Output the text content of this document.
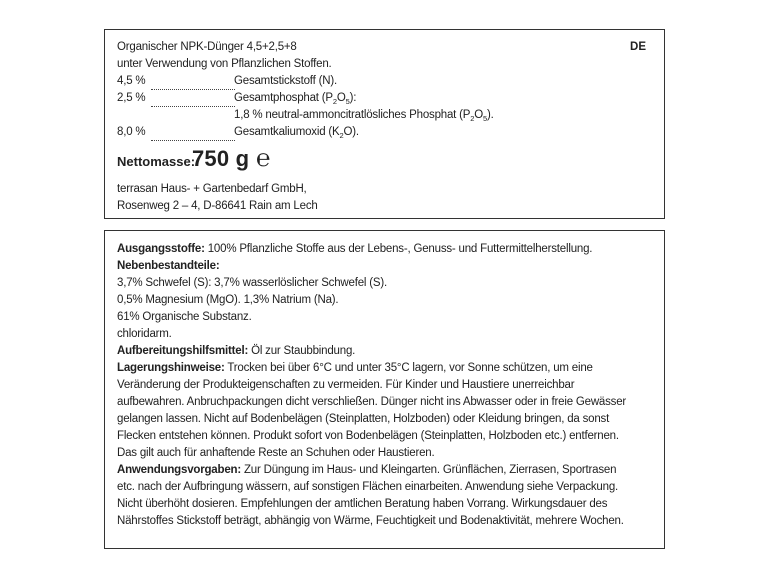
Organischer NPK-Dünger 4,5+2,5+8	DE
unter Verwendung von Pflanzlichen Stoffen.
4,5 %	Gesamtstickstoff (N).
2,5 %	Gesamtphosphat $(P_2O_5)$:
1,8 % neutral-ammoncitratlösliches Phosphat $(P_2O_5)$.
8,0 %	Gesamtkaliumoxid $(K_2O)$.
Nettomasse:
750 g ℮
terrasan Haus- + Gartenbedarf GmbH,
Rosenweg 2 – 4, D-86641 Rain am Lech
Ausgangsstoffe: 100% Pflanzliche Stoffe aus der Lebens-, Genuss- und Futtermittelherstellung.
Nebenbestandteile:
3,7% Schwefel (S): 3,7% wasserlöslicher Schwefel (S).
0,5% Magnesium (MgO). 1,3% Natrium (Na).
61% Organische Substanz.
chloridarm.
Aufbereitungshilfsmittel: Öl zur Staubbindung.
Lagerungshinweise: Trocken bei über 6°C und unter 35°C lagern, vor Sonne schützen, um eine
Veränderung der Produkteigenschaften zu vermeiden. Für Kinder und Haustiere unerreichbar
aufbewahren. Anbruchpackungen dicht verschließen. Dünger nicht ins Abwasser oder in freie Gewässer
gelangen lassen. Nicht auf Bodenbelägen (Steinplatten, Holzboden) oder Kleidung bringen, da sonst
Flecken entstehen können. Produkt sofort von Bodenbelägen (Steinplatten, Holzboden etc.) entfernen.
Das gilt auch für anhaftende Reste an Schuhen oder Haustieren.
Anwendungsvorgaben: Zur Düngung im Haus- und Kleingarten. Grünflächen, Zierrasen, Sportrasen
etc. nach der Aufbringung wässern, auf sonstigen Flächen einarbeiten. Anwendung siehe Verpackung.
Nicht überhöht dosieren. Empfehlungen der amtlichen Beratung haben Vorrang. Wirkungsdauer des
Nährstoffes Stickstoff beträgt, abhängig von Wärme, Feuchtigkeit und Bodenaktivität, mehrere Wochen.
